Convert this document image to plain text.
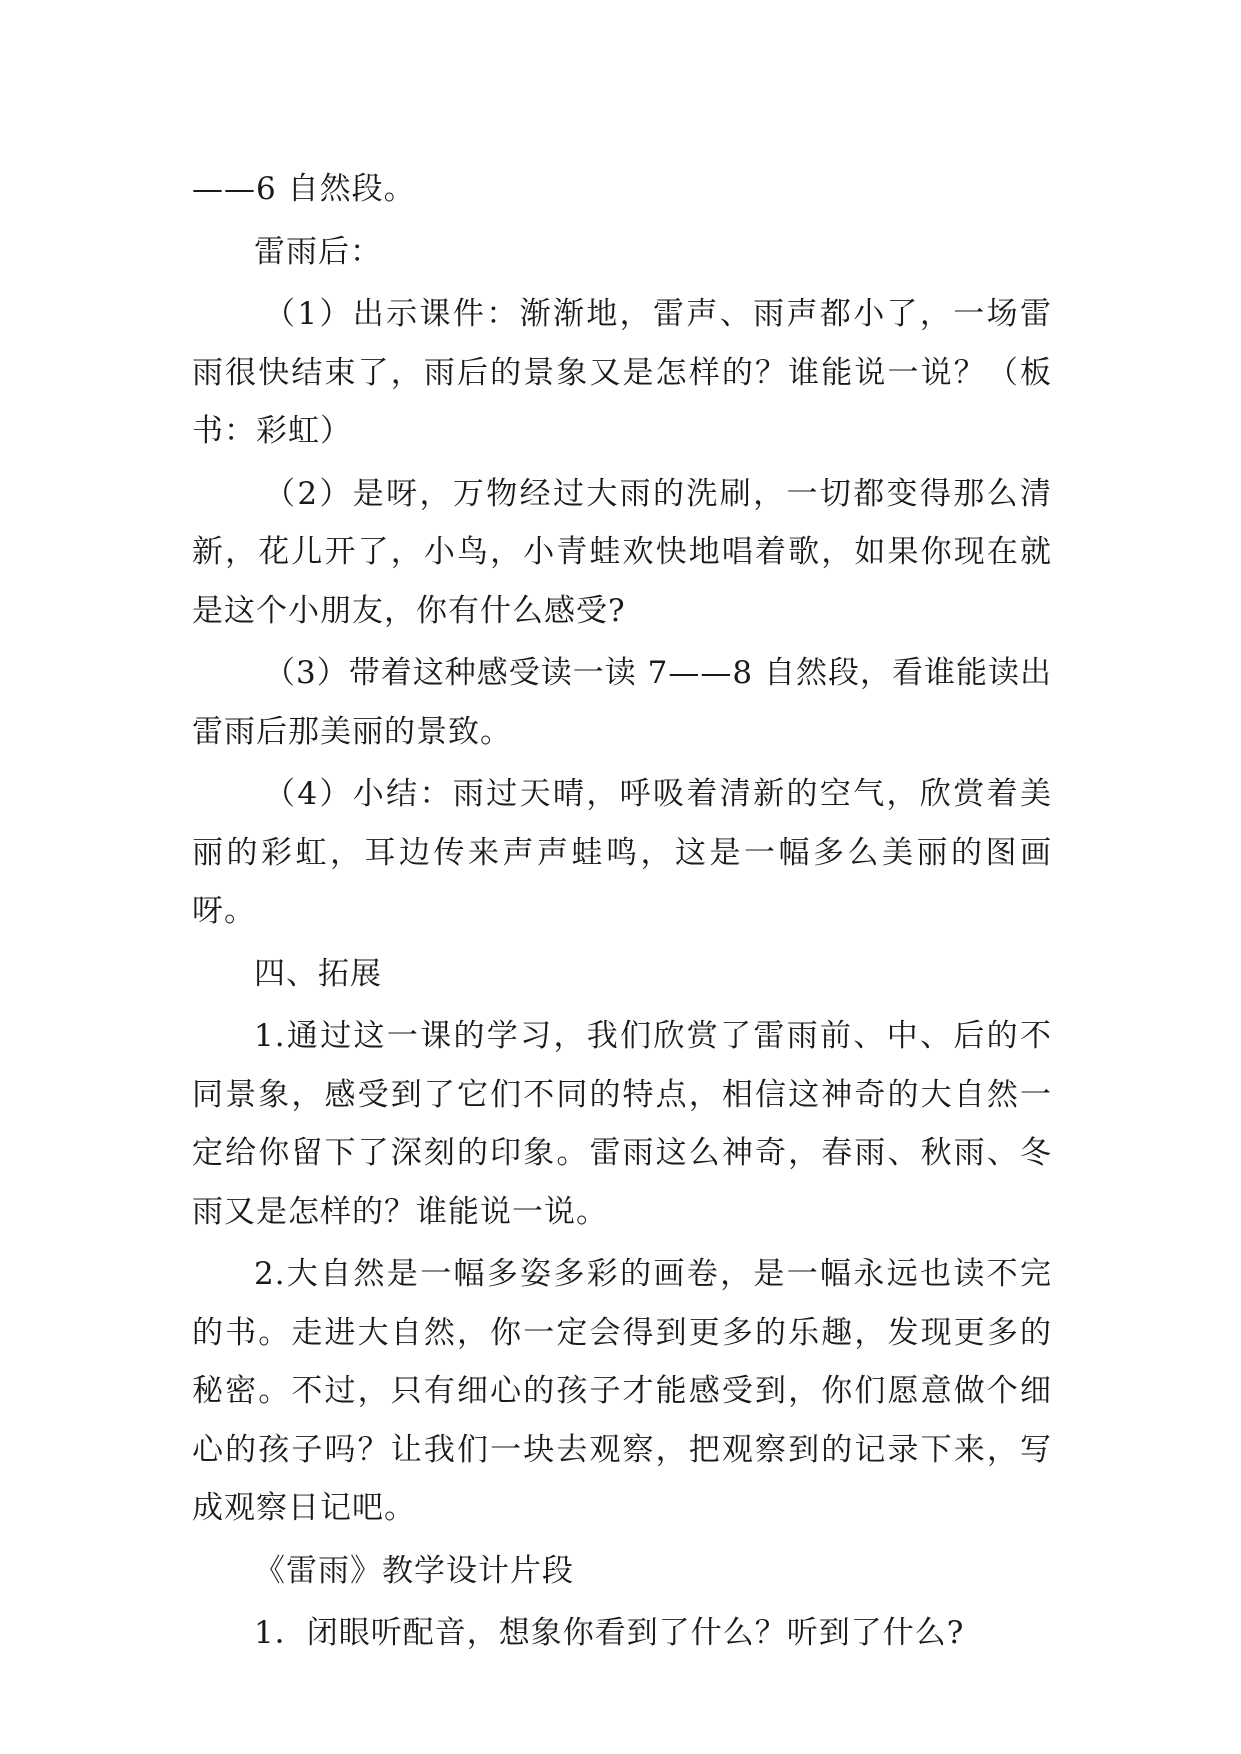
——6 自然段。

雷雨后：

（1）出示课件：渐渐地，雷声、雨声都小了，一场雷雨很快结束了，雨后的景象又是怎样的？谁能说一说？（板书：彩虹）

（2）是呀，万物经过大雨的洗刷，一切都变得那么清新，花儿开了，小鸟，小青蛙欢快地唱着歌，如果你现在就是这个小朋友，你有什么感受?

（3）带着这种感受读一读 7——8 自然段，看谁能读出雷雨后那美丽的景致。

（4）小结：雨过天晴，呼吸着清新的空气，欣赏着美丽的彩虹，耳边传来声声蛙鸣，这是一幅多么美丽的图画呀。

四、拓展

1.通过这一课的学习，我们欣赏了雷雨前、中、后的不同景象，感受到了它们不同的特点，相信这神奇的大自然一定给你留下了深刻的印象。雷雨这么神奇，春雨、秋雨、冬雨又是怎样的？谁能说一说。

2.大自然是一幅多姿多彩的画卷，是一幅永远也读不完的书。走进大自然，你一定会得到更多的乐趣，发现更多的秘密。不过，只有细心的孩子才能感受到，你们愿意做个细心的孩子吗？让我们一块去观察，把观察到的记录下来，写成观察日记吧。

《雷雨》教学设计片段

1．闭眼听配音，想象你看到了什么？听到了什么?
